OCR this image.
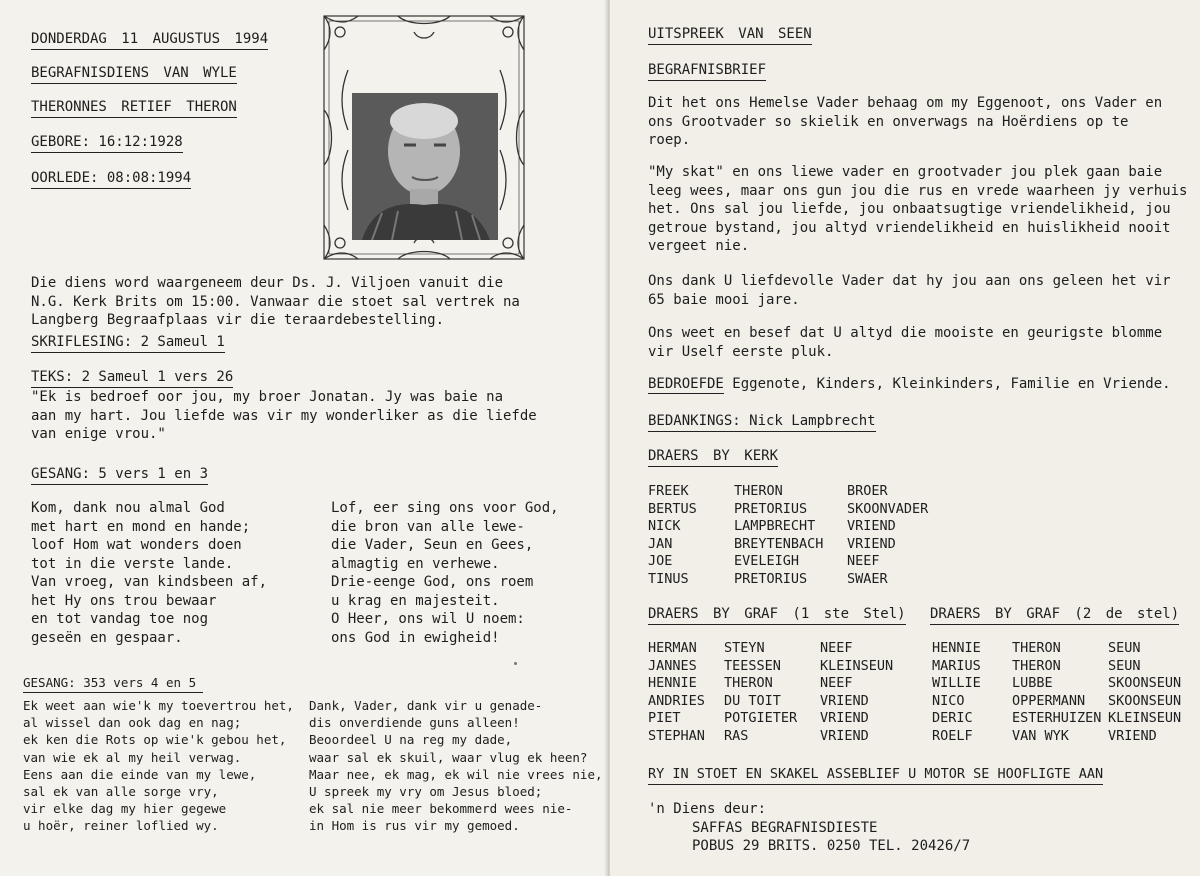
DONDERDAG 11 AUGUSTUS 1994
BEGRAFNISDIENS VAN WYLE
THERONNES RETIEF THERON
GEBORE: 16:12:1928
OORLEDE: 08:08:1994
Die diens word waargeneem deur Ds. J. Viljoen vanuit die
N.G. Kerk Brits om 15:00. Vanwaar die stoet sal vertrek na
Langberg Begraafplaas vir die teraardebestelling.
SKRIFLESING: 2 Sameul 1
TEKS: 2 Sameul 1 vers 26
"Ek is bedroef oor jou, my broer Jonatan. Jy was baie na
aan my hart. Jou liefde was vir my wonderliker as die liefde
van enige vrou."
GESANG: 5 vers 1 en 3
Kom, dank nou almal God
met hart en mond en hande;
loof Hom wat wonders doen
tot in die verste lande.
Van vroeg, van kindsbeen af,
het Hy ons trou bewaar
en tot vandag toe nog
geseën en gespaar.
Lof, eer sing ons voor God,
die bron van alle lewe-
die Vader, Seun en Gees,
almagtig en verhewe.
Drie-eenge God, ons roem
u krag en majesteit.
O Heer, ons wil U noem:
ons God in ewigheid!
GESANG: 353 vers 4 en 5
Ek weet aan wie'k my toevertrou het,
al wissel dan ook dag en nag;
ek ken die Rots op wie'k gebou het,
van wie ek al my heil verwag.
Eens aan die einde van my lewe,
sal ek van alle sorge vry,
vir elke dag my hier gegewe
u hoër, reiner loflied wy.
Dank, Vader, dank vir u genade-
dis onverdiende guns alleen!
Beoordeel U na reg my dade,
waar sal ek skuil, waar vlug ek heen?
Maar nee, ek mag, ek wil nie vrees nie,
U spreek my vry om Jesus bloed;
ek sal nie meer bekommerd wees nie-
in Hom is rus vir my gemoed.
UITSPREEK VAN SEEN
BEGRAFNISBRIEF
Dit het ons Hemelse Vader behaag om my Eggenoot, ons Vader en
ons Grootvader so skielik en onverwags na Hoërdiens op te
roep.
"My skat" en ons liewe vader en grootvader jou plek gaan baie
leeg wees, maar ons gun jou die rus en vrede waarheen jy verhuis
het. Ons sal jou liefde, jou onbaatsugtige vriendelikheid, jou
getroue bystand, jou altyd vriendelikheid en huislikheid nooit
vergeet nie.
Ons dank U liefdevolle Vader dat hy jou aan ons geleen het vir
65 baie mooi jare.
Ons weet en besef dat U altyd die mooiste en geurigste blomme
vir Uself eerste pluk.
BEDROEFDE Eggenote, Kinders, Kleinkinders, Familie en Vriende.
BEDANKINGS: Nick Lampbrecht
DRAERS BY KERK
FREEK	THERON	BROER
BERTUS	PRETORIUS	SKOONVADER
NICK	LAMPBRECHT	VRIEND
JAN	BREYTENBACH	VRIEND
JOE	EVELEIGH	NEEF
TINUS	PRETORIUS	SWAER
DRAERS BY GRAF (1 ste Stel) DRAERS BY GRAF (2 de stel)
HERMAN	STEYN	NEEF
JANNES	TEESSEN	KLEINSEUN
HENNIE	THERON	NEEF
ANDRIES	DU TOIT	VRIEND
PIET	POTGIETER	VRIEND
STEPHAN	RAS	VRIEND
HENNIE	THERON	SEUN
MARIUS	THERON	SEUN
WILLIE	LUBBE	SKOONSEUN
NICO	OPPERMANN	SKOONSEUN
DERIC	ESTERHUIZEN KLEINSEUN
ROELF	VAN WYK	VRIEND
RY IN STOET EN SKAKEL ASSEBLIEF U MOTOR SE HOOFLIGTE AAN
'n Diens deur:
SAFFAS BEGRAFNISDIESTE
POBUS 29 BRITS. 0250 TEL. 20426/7
